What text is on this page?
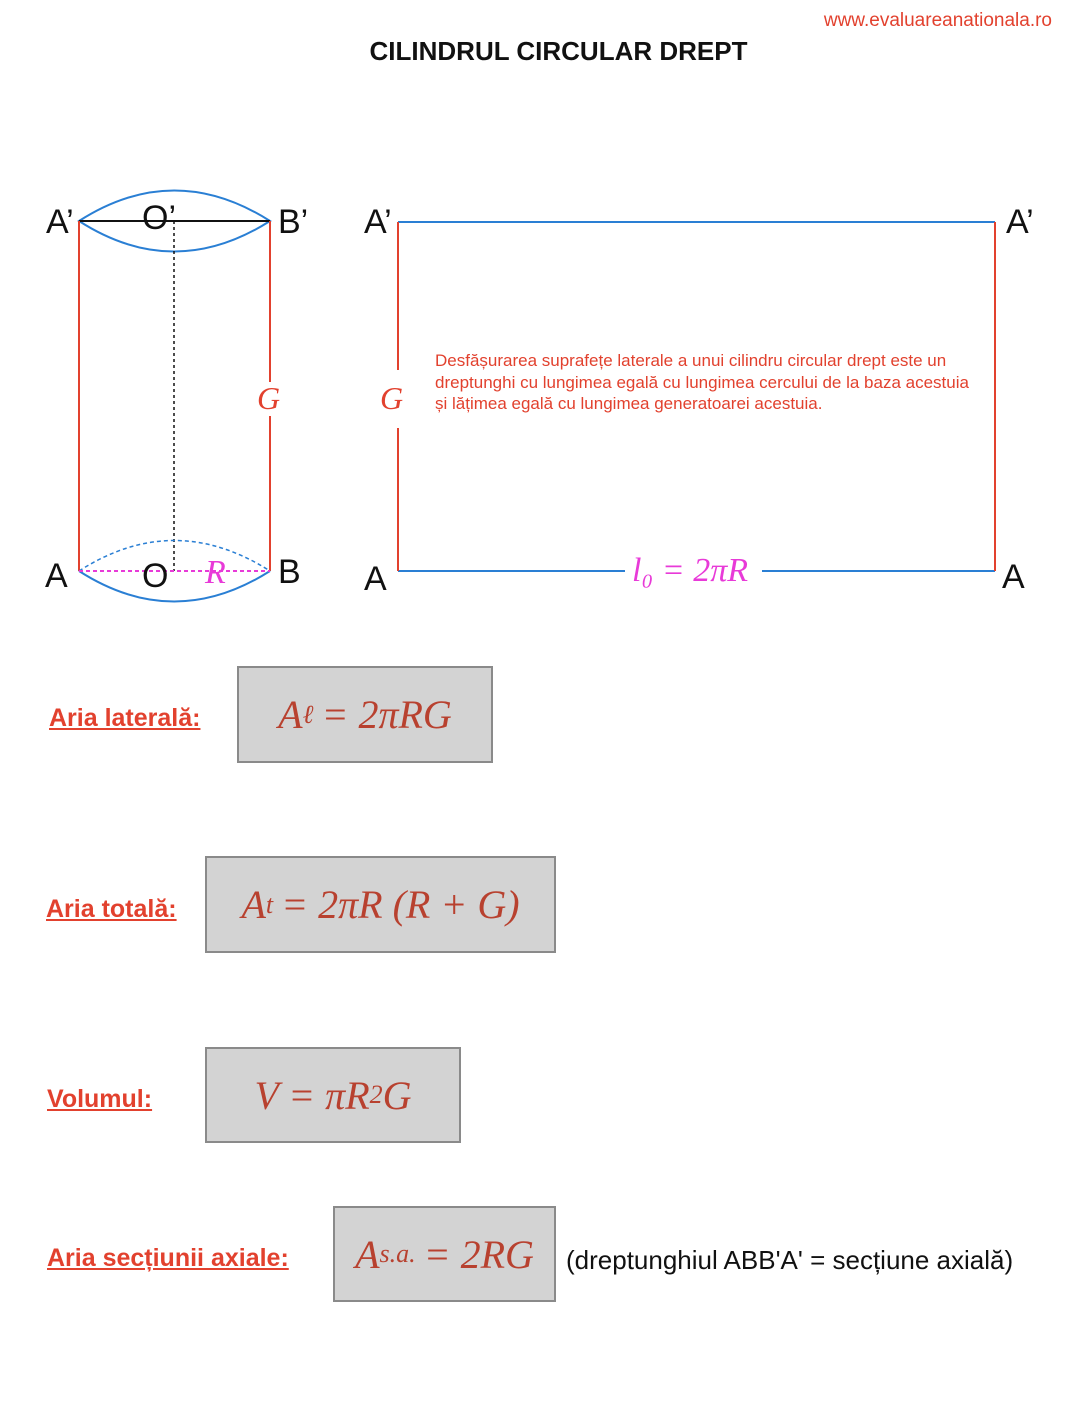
www.evaluareanationala.ro
CILINDRUL CIRCULAR DREPT
A’ O’	B’
A O	B
R
G
A’	A’
A	A
G
l₀ = 2πR
Desfășurarea suprafețe laterale a unui cilindru circular drept este un dreptunghi cu lungimea egală cu lungimea cercului de la baza acestuia și lățimea egală cu lungimea generatoarei acestuia.
Aria laterală: A ℓ = 2πRG
Aria totală: A t = 2πR (R + G)
Volumul:	V = πR 2 G
Aria secțiunii axiale: A s.a. = 2RG (dreptunghiul ABB'A' = secțiune axială)
